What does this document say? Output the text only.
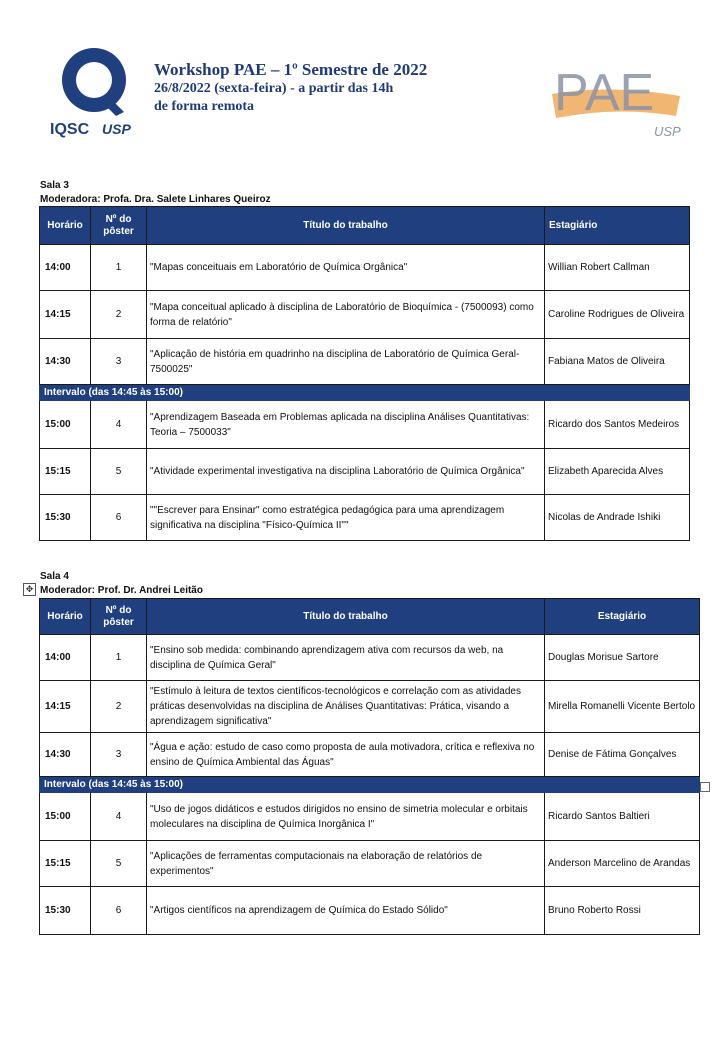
IQSC USP
Workshop PAE – 1º Semestre de 2022
26/8/2022 (sexta-feira) - a partir das 14h
de forma remota	PAE
USP
Sala 3
Moderadora: Profa. Dra. Salete Linhares Queiroz
Horário	Nº do pôster	Título do trabalho	Estagiário
14:00	1	"Mapas conceituais em Laboratório de Química Orgânica"	Willian Robert Callman
14:15	2	"Mapa conceitual aplicado à disciplina de Laboratório de Bioquímica - (7500093) como forma de relatório"	Caroline Rodrigues de Oliveira
14:30	3	"Aplicação de história em quadrinho na disciplina de Laboratório de Química Geral-7500025"	Fabiana Matos de Oliveira
Intervalo (das 14:45 às 15:00)			
15:00	4	"Aprendizagem Baseada em Problemas aplicada na disciplina Análises Quantitativas: Teoria – 7500033"	Ricardo dos Santos Medeiros
15:15	5	"Atividade experimental investigativa na disciplina Laboratório de Química Orgânica"	Elizabeth Aparecida Alves
15:30	6	""Escrever para Ensinar" como estratégica pedagógica para uma aprendizagem significativa na disciplina "Físico-Química II""	Nicolas de Andrade Ishiki
Sala 4
✥ Moderador: Prof. Dr. Andrei Leitão
Horário	Nº do pôster	Título do trabalho	Estagiário
14:00	1	"Ensino sob medida: combinando aprendizagem ativa com recursos da web, na disciplina de Química Geral"	Douglas Morisue Sartore
14:15	2	"Estímulo à leitura de textos científicos-tecnológicos e correlação com as atividades práticas desenvolvidas na disciplina de Análises Quantitativas: Prática, visando a aprendizagem significativa"	Mirella Romanelli Vicente Bertolo
14:30	3	"Água e ação: estudo de caso como proposta de aula motivadora, crítica e reflexiva no ensino de Química Ambiental das Águas"	Denise de Fátima Gonçalves
Intervalo (das 14:45 às 15:00)			
15:00	4	"Uso de jogos didáticos e estudos dirigidos no ensino de simetria molecular e orbitais moleculares na disciplina de Química Inorgânica I"	Ricardo Santos Baltieri
15:15	5	"Aplicações de ferramentas computacionais na elaboração de relatórios de experimentos"	Anderson Marcelino de Arandas
15:30	6	"Artigos científicos na aprendizagem de Química do Estado Sólido"	Bruno Roberto Rossi
